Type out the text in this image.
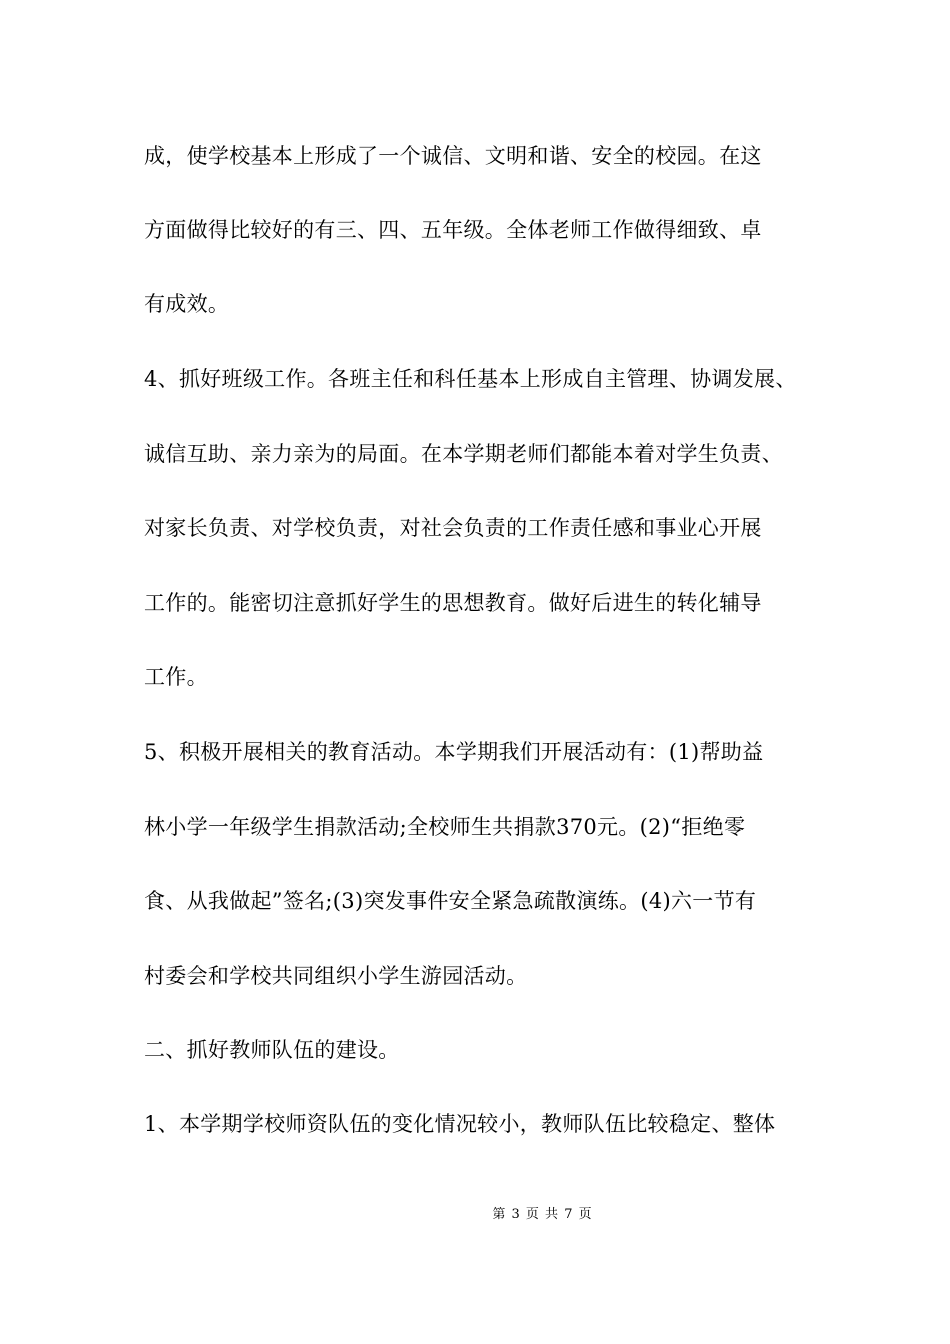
成，使学校基本上形成了一个诚信、文明和谐、安全的校园。在这
方面做得比较好的有三、四、五年级。全体老师工作做得细致、卓
有成效。
4、抓好班级工作。各班主任和科任基本上形成自主管理、协调发展、
诚信互助、亲力亲为的局面。在本学期老师们都能本着对学生负责、
对家长负责、对学校负责，对社会负责的工作责任感和事业心开展
工作的。能密切注意抓好学生的思想教育。做好后进生的转化辅导
工作。
5、积极开展相关的教育活动。本学期我们开展活动有：(1)帮助益
林小学一年级学生捐款活动;全校师生共捐款370元。(2)“拒绝零
食、从我做起”签名;(3)突发事件安全紧急疏散演练。(4)六一节有
村委会和学校共同组织小学生游园活动。
二、抓好教师队伍的建设。
1、本学期学校师资队伍的变化情况较小，教师队伍比较稳定、整体
第 3 页 共 7 页
